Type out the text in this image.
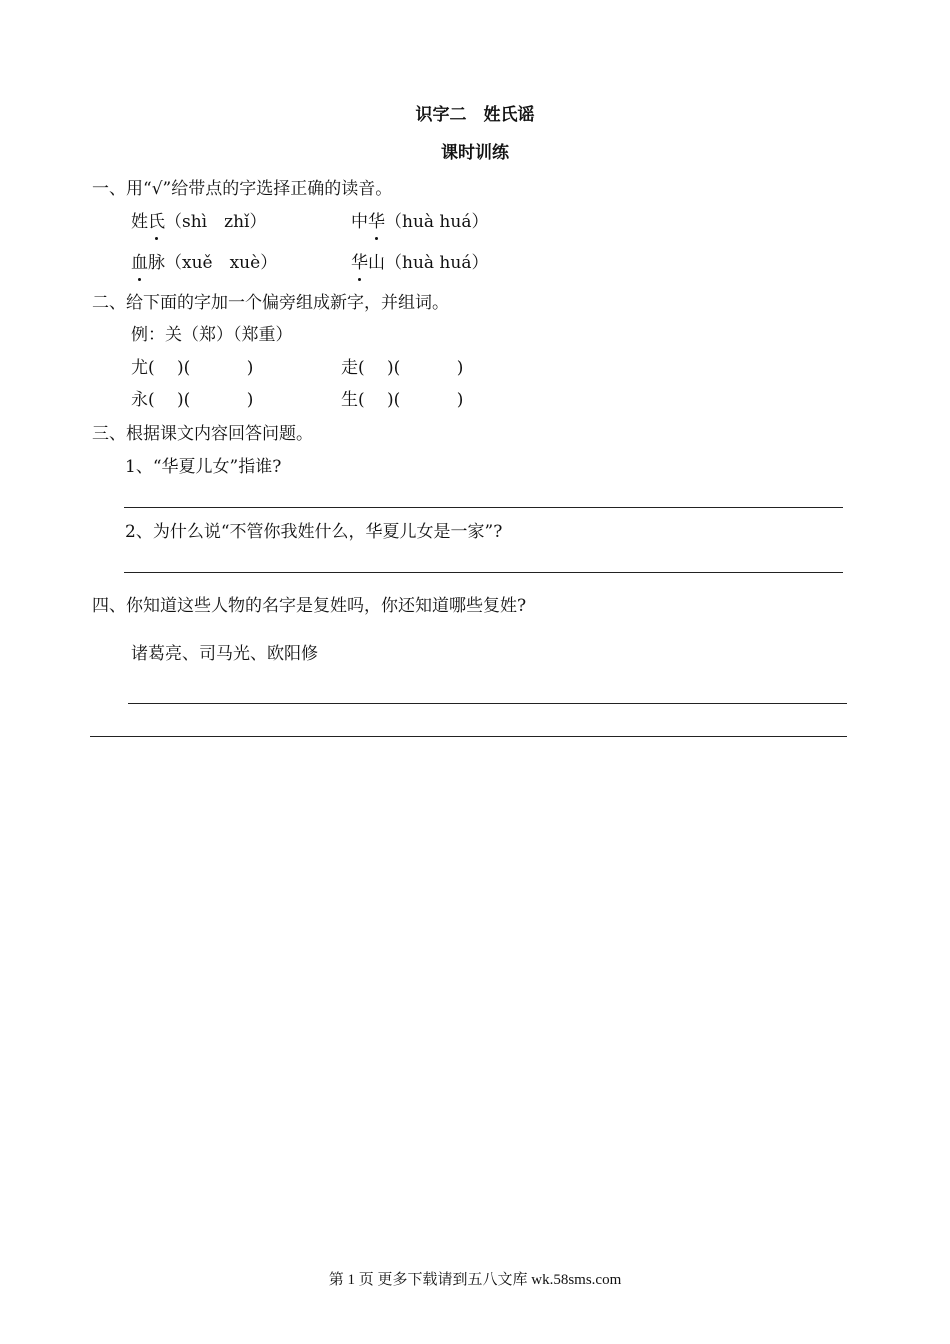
识字二　姓氏谣
课时训练
一、用“√”给带点的字选择正确的读音。
姓氏（shì　zhǐ）	中华（huà huá）
血脉（xuě　xuè）	华山（huà huá）
二、给下面的字加一个偏旁组成新字，并组词。
例：关（郑）（郑重）
尤(　 )(　　　 )	走(　 )(　　　 )
永(　 )(　　　 )	生(　 )(　　　 )
三、根据课文内容回答问题。
1、“华夏儿女”指谁?
2、为什么说“不管你我姓什么，华夏儿女是一家”?
四、你知道这些人物的名字是复姓吗，你还知道哪些复姓?
诸葛亮、司马光、欧阳修
第 1 页 更多下载请到五八文库 wk.58sms.com
